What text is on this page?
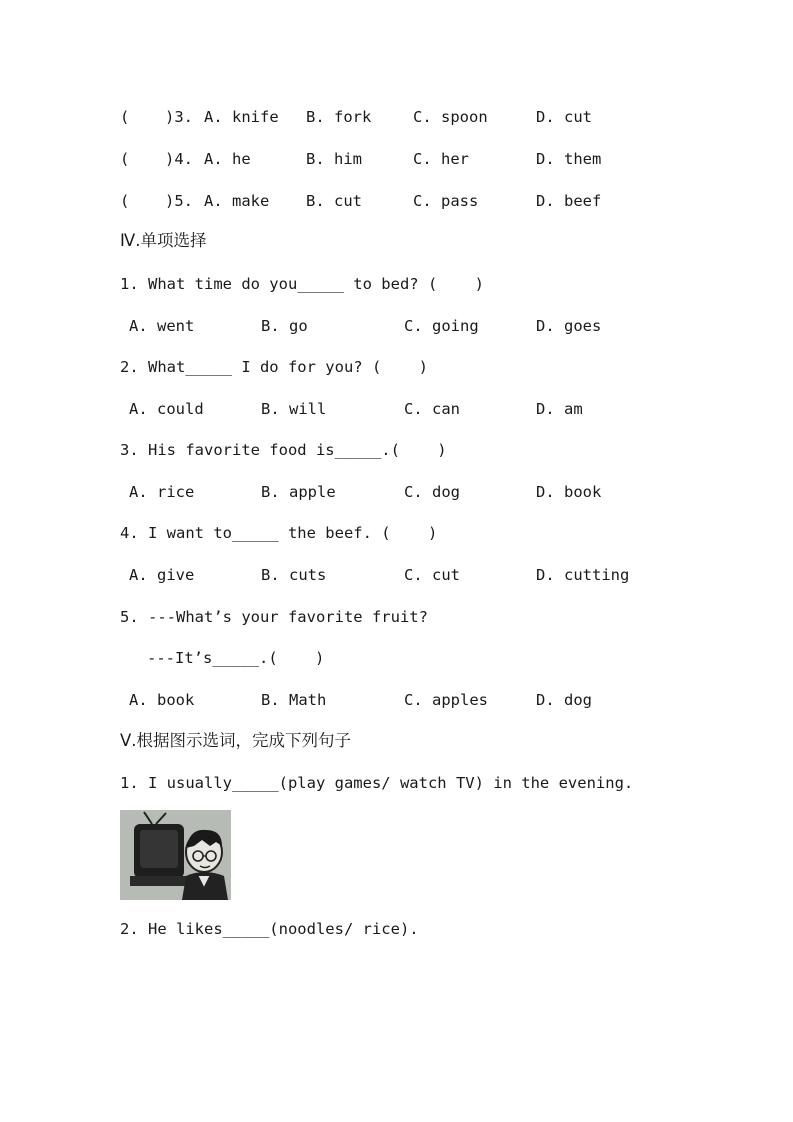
( )3. A. knife B. fork	C. spoon	D. cut
( )4. A. he	B. him	C. her	D. them
( )5. A. make B. cut	C. pass	D. beef
Ⅳ.单项选择
1. What time do you_____ to bed? (    )
A. went	B. go	C. going	D. goes
2. What_____ I do for you? (    )
A. could	B. will	C. can	D. am
3. His favorite food is_____.(    )
A. rice	B. apple	C. dog	D. book
4. I want to_____ the beef. (    )
A. give	B. cuts	C. cut	D. cutting
5. ---What’s your favorite fruit?
---It’s_____.(    )
A. book	B. Math	C. apples	D. dog
Ⅴ.根据图示选词，完成下列句子
1. I usually_____(play games/ watch TV) in the evening.
2. He likes_____(noodles/ rice).
